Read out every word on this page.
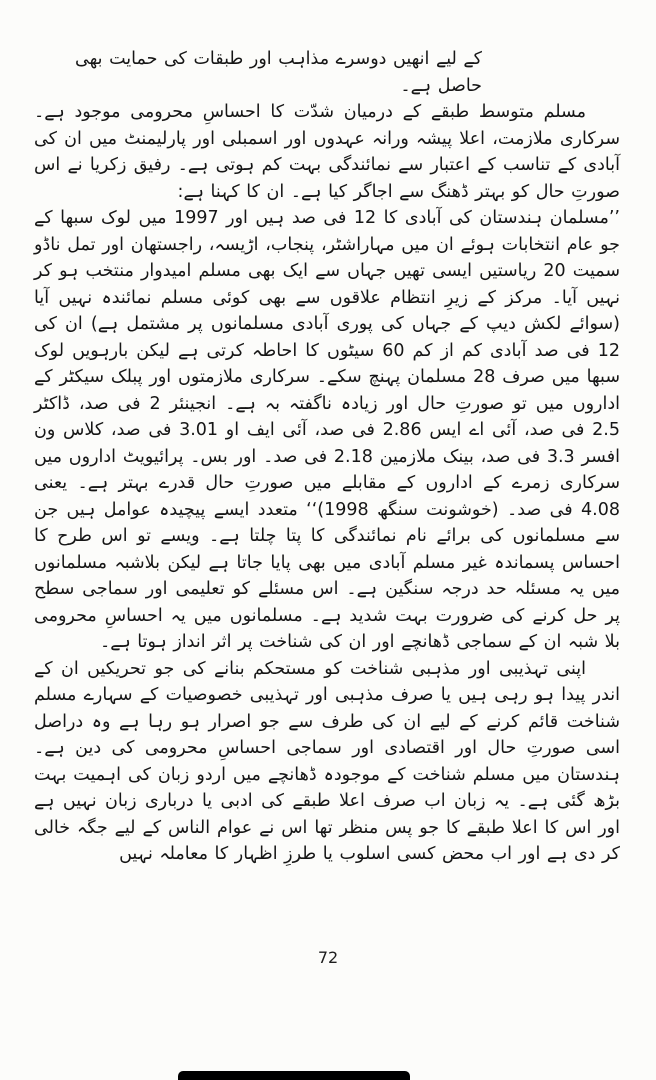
کے لیے انھیں دوسرے مذاہب اور طبقات کی حمایت بھی حاصل ہے۔

مسلم متوسط طبقے کے درمیان شدّت کا احساسِ محرومی موجود ہے۔ سرکاری ملازمت، اعلا پیشہ ورانہ عہدوں اور اسمبلی اور پارلیمنٹ میں ان کی آبادی کے تناسب کے اعتبار سے نمائندگی بہت کم ہوتی ہے۔ رفیق زکریا نے اس صورتِ حال کو بہتر ڈھنگ سے اجاگر کیا ہے۔ ان کا کہنا ہے:

’’مسلمان ہندستان کی آبادی کا 12 فی صد ہیں اور 1997 میں لوک سبھا کے جو عام انتخابات ہوئے ان میں مہاراشٹر، پنجاب، اڑیسہ، راجستھان اور تمل ناڈو سمیت 20 ریاستیں ایسی تھیں جہاں سے ایک بھی مسلم امیدوار منتخب ہو کر نہیں آیا۔ مرکز کے زیرِ انتظام علاقوں سے بھی کوئی مسلم نمائندہ نہیں آیا (سوائے لکش دیپ کے جہاں کی پوری آبادی مسلمانوں پر مشتمل ہے) ان کی 12 فی صد آبادی کم از کم 60 سیٹوں کا احاطہ کرتی ہے لیکن بارہویں لوک سبھا میں صرف 28 مسلمان پہنچ سکے۔ سرکاری ملازمتوں اور پبلک سیکٹر کے اداروں میں تو صورتِ حال اور زیادہ ناگفتہ بہ ہے۔ انجینئر 2 فی صد، ڈاکٹر 2.5 فی صد، آئی اے ایس 2.86 فی صد، آئی ایف او 3.01 فی صد، کلاس ون افسر 3.3 فی صد، بینک ملازمین 2.18 فی صد۔ اور بس۔ پرائیویٹ اداروں میں سرکاری زمرے کے اداروں کے مقابلے میں صورتِ حال قدرے بہتر ہے۔ یعنی 4.08 فی صد۔ (خوشونت سنگھ 1998)‘‘ متعدد ایسے پیچیدہ عوامل ہیں جن سے مسلمانوں کی برائے نام نمائندگی کا پتا چلتا ہے۔ ویسے تو اس طرح کا احساس پسماندہ غیر مسلم آبادی میں بھی پایا جاتا ہے لیکن بلاشبہ مسلمانوں میں یہ مسئلہ حد درجہ سنگین ہے۔ اس مسئلے کو تعلیمی اور سماجی سطح پر حل کرنے کی ضرورت بہت شدید ہے۔ مسلمانوں میں یہ احساسِ محرومی بلا شبہ ان کے سماجی ڈھانچے اور ان کی شناخت پر اثر انداز ہوتا ہے۔

اپنی تہذیبی اور مذہبی شناخت کو مستحکم بنانے کی جو تحریکیں ان کے اندر پیدا ہو رہی ہیں یا صرف مذہبی اور تہذیبی خصوصیات کے سہارے مسلم شناخت قائم کرنے کے لیے ان کی طرف سے جو اصرار ہو رہا ہے وہ دراصل اسی صورتِ حال اور اقتصادی اور سماجی احساسِ محرومی کی دین ہے۔ ہندستان میں مسلم شناخت کے موجودہ ڈھانچے میں اردو زبان کی اہمیت بہت بڑھ گئی ہے۔ یہ زبان اب صرف اعلا طبقے کی ادبی یا درباری زبان نہیں ہے اور اس کا اعلا طبقے کا جو پس منظر تھا اس نے عوام الناس کے لیے جگہ خالی کر دی ہے اور اب محض کسی اسلوب یا طرزِ اظہار کا معاملہ نہیں

72
